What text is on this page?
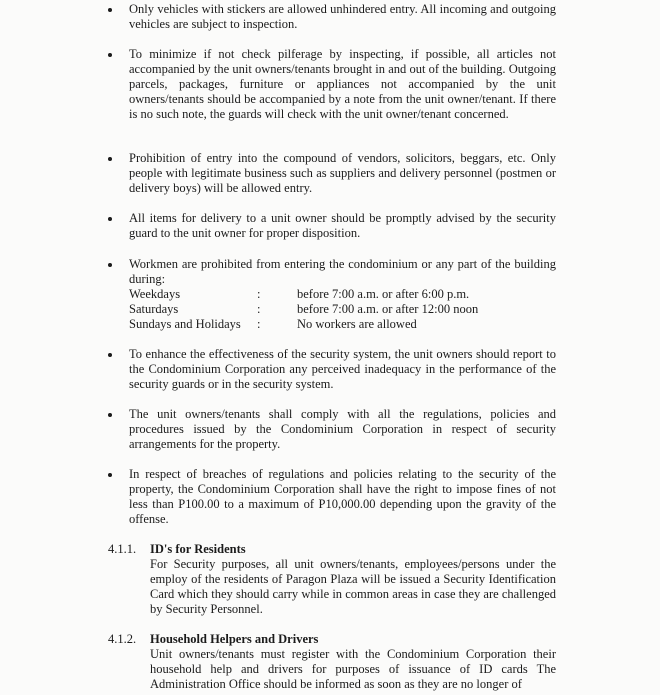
Only vehicles with stickers are allowed unhindered entry. All incoming and outgoing vehicles are subject to inspection.
To minimize if not check pilferage by inspecting, if possible, all articles not accompanied by the unit owners/tenants brought in and out of the building. Outgoing parcels, packages, furniture or appliances not accompanied by the unit owners/tenants should be accompanied by a note from the unit owner/tenant. If there is no such note, the guards will check with the unit owner/tenant concerned.
Prohibition of entry into the compound of vendors, solicitors, beggars, etc. Only people with legitimate business such as suppliers and delivery personnel (postmen or delivery boys) will be allowed entry.
All items for delivery to a unit owner should be promptly advised by the security guard to the unit owner for proper disposition.
Workmen are prohibited from entering the condominium or any part of the building during:
Weekdays	:	before 7:00 a.m. or after 6:00 p.m.
Saturdays	:	before 7:00 a.m. or after 12:00 noon
Sundays and Holidays	:	No workers are allowed
To enhance the effectiveness of the security system, the unit owners should report to the Condominium Corporation any perceived inadequacy in the performance of the security guards or in the security system.
The unit owners/tenants shall comply with all the regulations, policies and procedures issued by the Condominium Corporation in respect of security arrangements for the property.
In respect of breaches of regulations and policies relating to the security of the property, the Condominium Corporation shall have the right to impose fines of not less than P100.00 to a maximum of P10,000.00 depending upon the gravity of the offense.
4.1.1. ID's for Residents
For Security purposes, all unit owners/tenants, employees/persons under the employ of the residents of Paragon Plaza will be issued a Security Identification Card which they should carry while in common areas in case they are challenged by Security Personnel.
4.1.2. Household Helpers and Drivers
Unit owners/tenants must register with the Condominium Corporation their household help and drivers for purposes of issuance of ID cards The Administration Office should be informed as soon as they are no longer of
